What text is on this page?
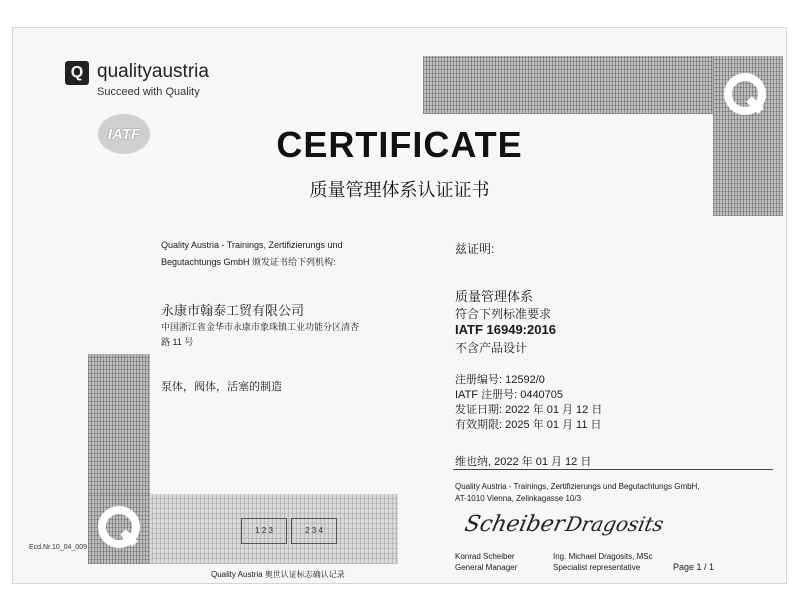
1 2 3	2 3 4
Q qualityaustria
Succeed with Quality
IATF	CERTIFICATE
质量管理体系认证证书
Quality Austria - Trainings, Zertifizierungs und
Begutachtungs GmbH 颁发证书给下列机构:
兹证明:
永康市翰泰工贸有限公司
中国浙江省金华市永康市象珠镇工业功能分区清杏
路 11 号
质量管理体系
符合下列标准要求
IATF 16949:2016
不含产品设计
泵体，阀体，活塞的制造	注册编号: 12592/0
IATF 注册号: 0440705
发证日期: 2022 年 01 月 12 日
有效期限: 2025 年 01 月 11 日
维也纳, 2022 年 01 月 12 日
Quality Austria - Trainings, Zertifizierungs und Begutachtungs GmbH,
AT-1010 Vienna, Zelinkagasse 10/3
Scheiber
Dragosits
Konrad Scheiber
General Manager
Ing. Michael Dragosits, MSc
Specialist representative	Page 1 / 1
Ecd.Nr.10_04_009
Quality Austria 奥世认证标志确认记录
